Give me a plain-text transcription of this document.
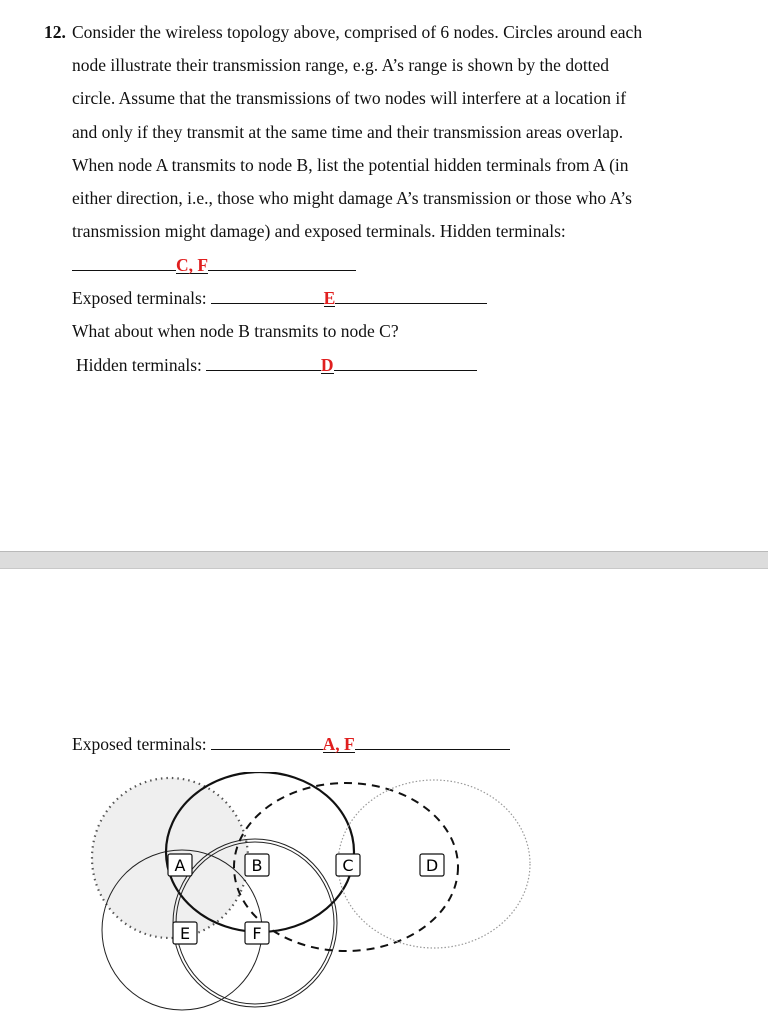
12. Consider the wireless topology above, comprised of 6 nodes. Circles around each
node illustrate their transmission range, e.g. A’s range is shown by the dotted
circle. Assume that the transmissions of two nodes will interfere at a location if
and only if they transmit at the same time and their transmission areas overlap.
When node A transmits to node B, list the potential hidden terminals from A (in
either direction, i.e., those who might damage A’s transmission or those who A’s
transmission might damage) and exposed terminals. Hidden terminals:
C, F
Exposed terminals:	E
What about when node B transmits to node C?
Hidden terminals:	D
Exposed terminals:	A, F
A	B	C	D
E	F
